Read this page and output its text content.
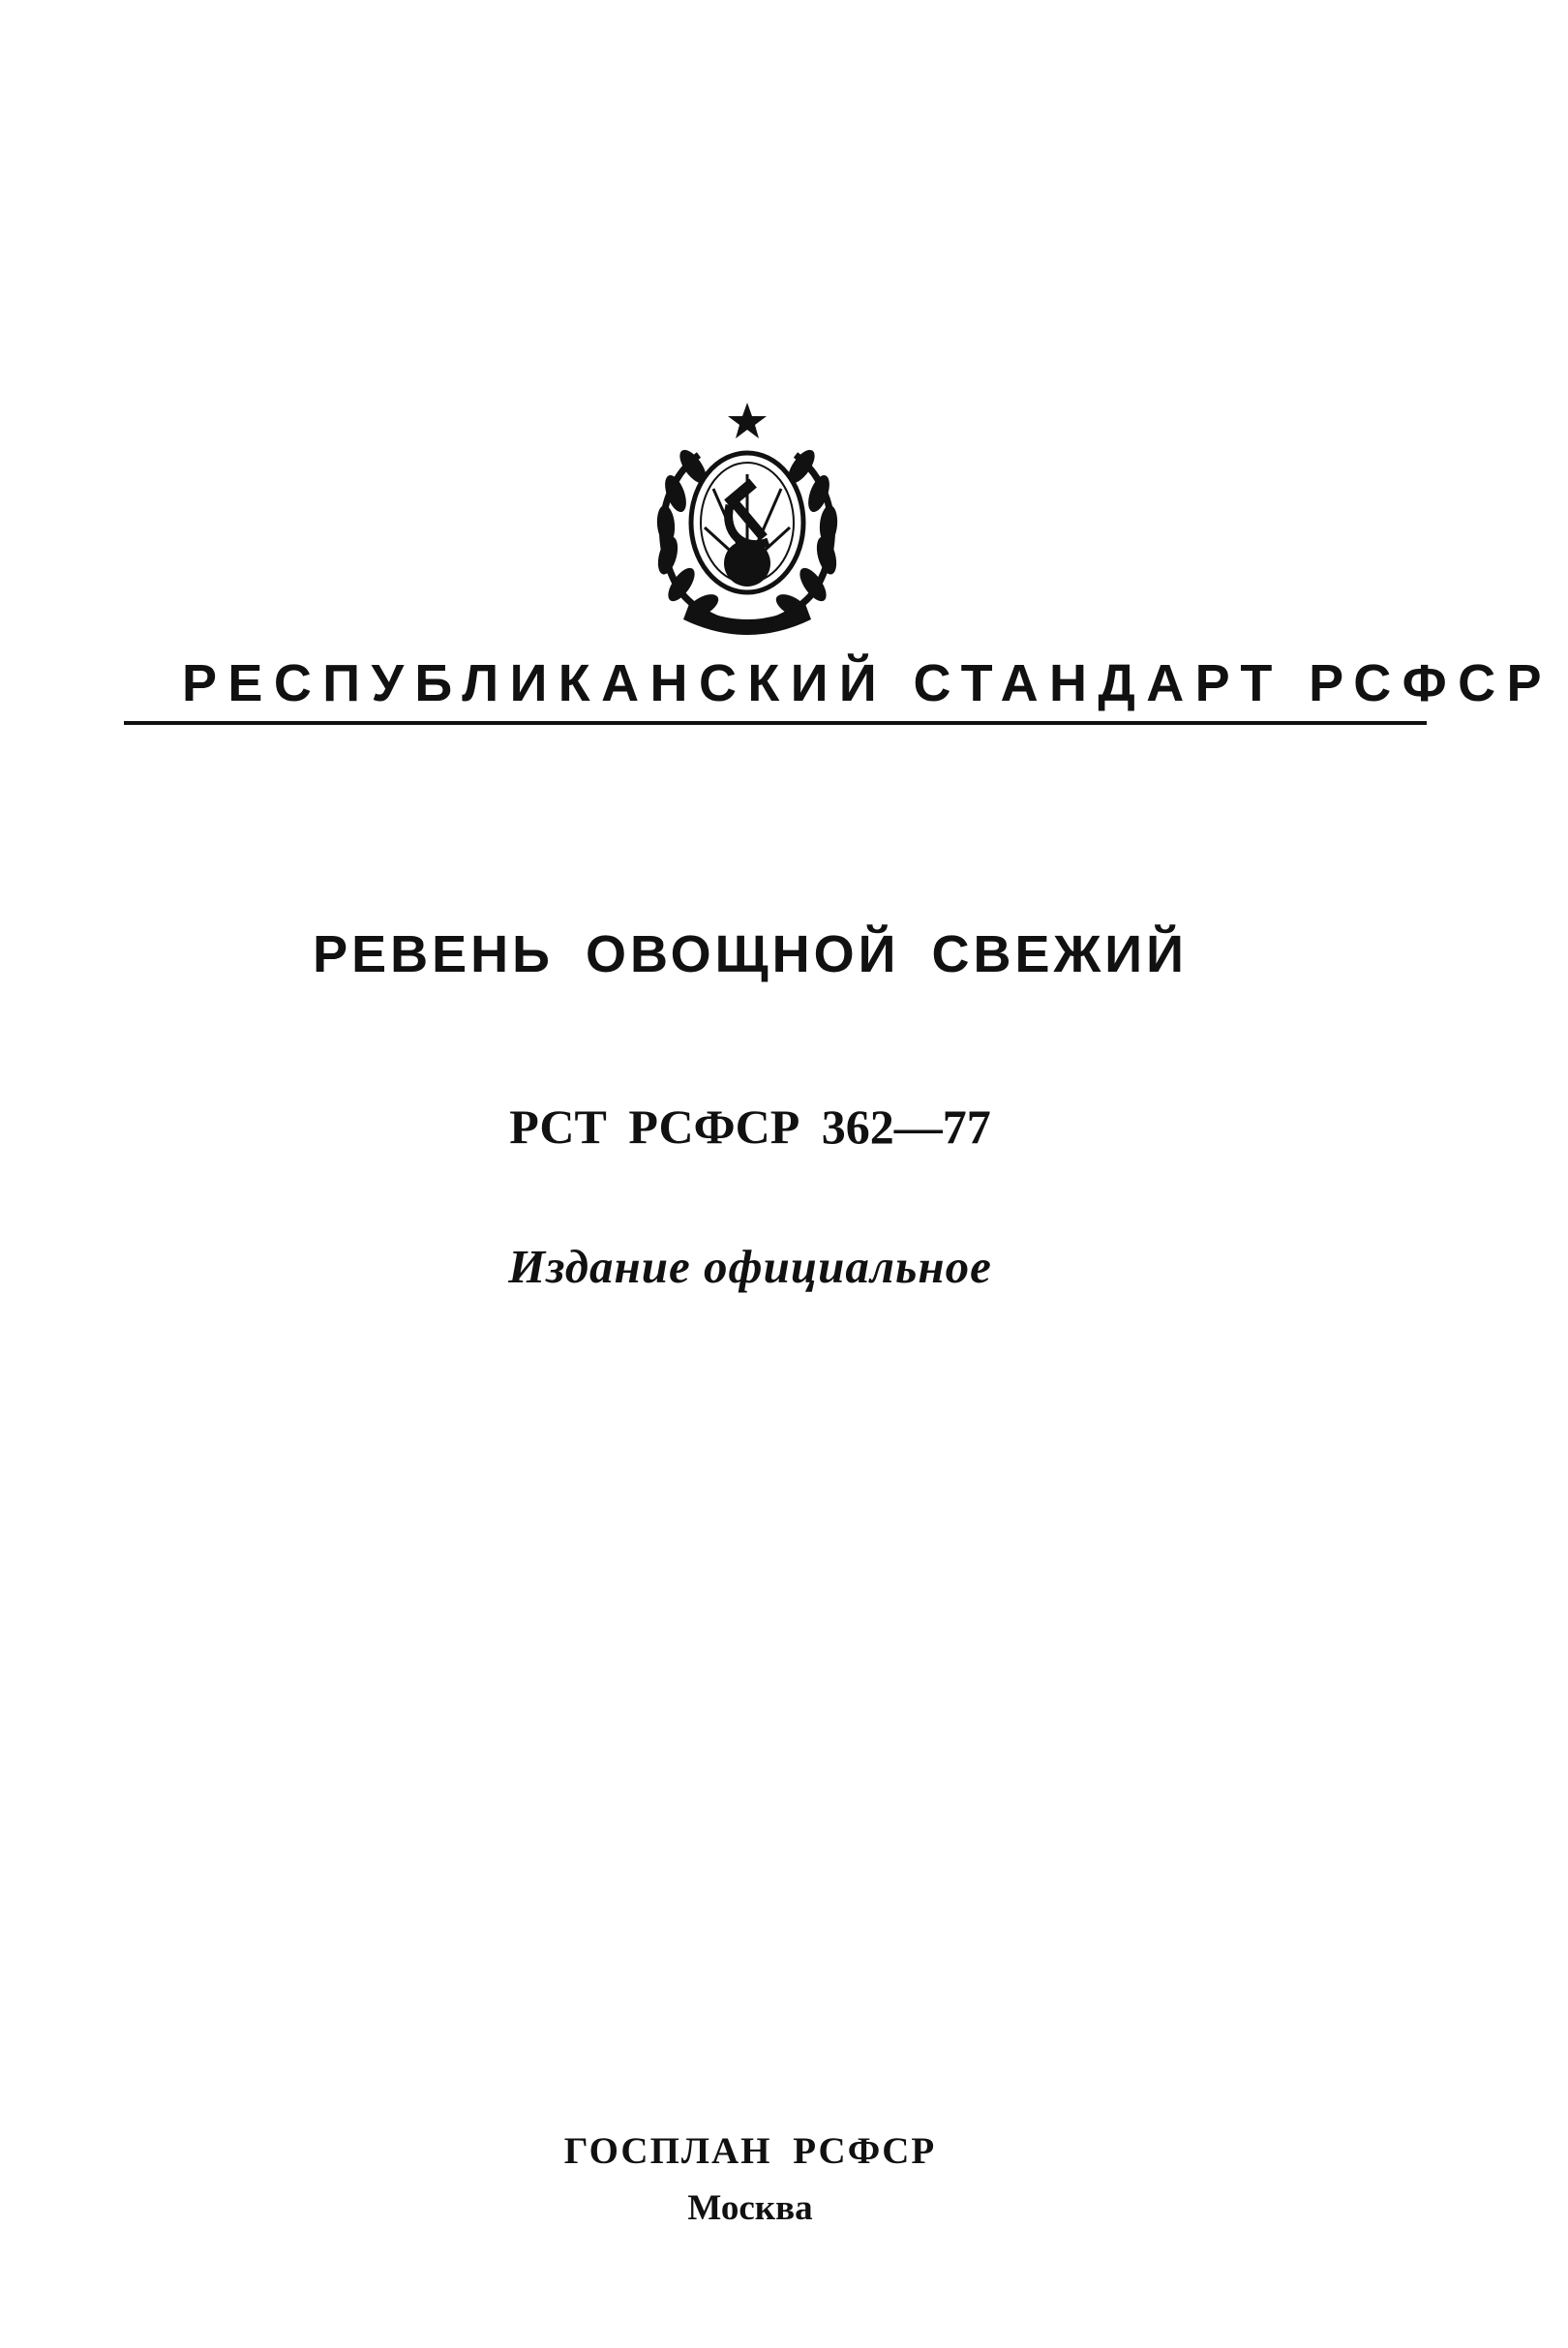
РЕСПУБЛИКАНСКИЙ СТАНДАРТ РСФСР
РЕВЕНЬ ОВОЩНОЙ СВЕЖИЙ
РСТ РСФСР 362—77
Издание официальное
ГОСПЛАН РСФСР
Москва
